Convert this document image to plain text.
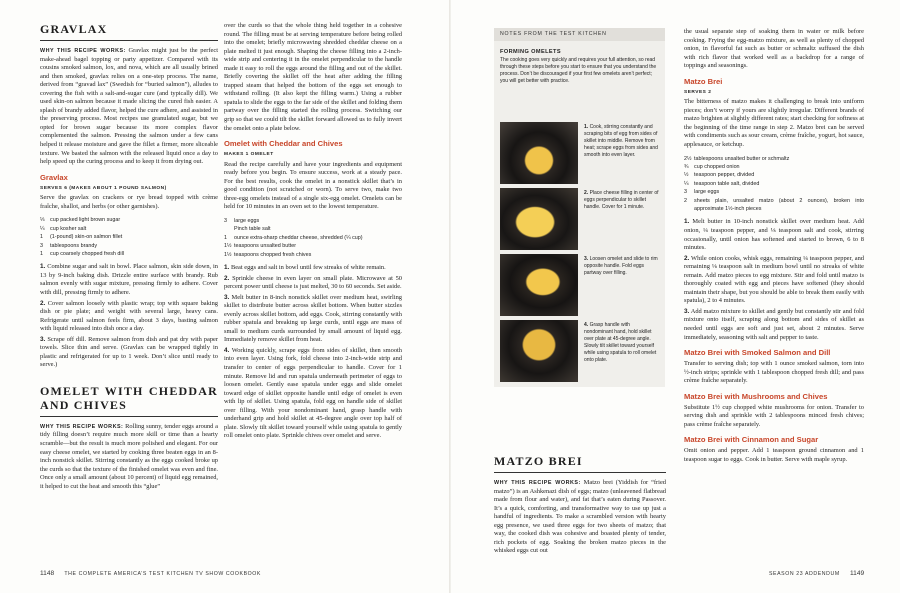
GRAVLAX

WHY THIS RECIPE WORKS: Gravlax might just be the perfect make-ahead bagel topping or party appetizer. Compared with its cousins smoked salmon, lox, and nova, which are all usually brined and then smoked, gravlax relies on a one-step process. The name, derived from “gravad lax” (Swedish for “buried salmon”), alludes to covering the fish with a salt-and-sugar cure (and typically dill). We used skin-on salmon because it made slicing the cured fish easier. A splash of brandy added flavor, helped the cure adhere, and assisted in the preserving process. Most recipes use granulated sugar, but we opted for brown sugar because its more complex flavor complemented the salmon. Pressing the salmon under a few cans helped it release moisture and gave the fillet a firmer, more sliceable texture. We basted the salmon with the released liquid once a day to help speed up the curing process and to keep it from drying out.

Gravlax
SERVES 6 (MAKES ABOUT 1 POUND SALMON)

Serve the gravlax on crackers or rye bread topped with crème fraîche, shallot, and herbs (or other garnishes).

⅓	cup packed light brown sugar
¼	cup kosher salt
1	(1-pound) skin-on salmon fillet
3	tablespoons brandy
1	cup coarsely chopped fresh dill

1. Combine sugar and salt in bowl. Place salmon, skin side down, in 13 by 9-inch baking dish. Drizzle entire surface with brandy. Rub salmon evenly with sugar mixture, pressing firmly to adhere. Cover with dill, pressing firmly to adhere.

2. Cover salmon loosely with plastic wrap; top with square baking dish or pie plate; and weight with several large, heavy cans. Refrigerate until salmon feels firm, about 3 days, basting salmon with liquid released into dish once a day.

3. Scrape off dill. Remove salmon from dish and pat dry with paper towels. Slice thin and serve. (Gravlax can be wrapped tightly in plastic and refrigerated for up to 1 week. Don’t slice until ready to serve.)

OMELET WITH CHEDDAR AND CHIVES

WHY THIS RECIPE WORKS: Rolling sunny, tender eggs around a tidy filling doesn’t require much more skill or time than a hearty scramble—but the result is much more polished and elegant. For our easy cheese omelet, we started by cooking three beaten eggs in an 8-inch nonstick skillet. Stirring constantly as the eggs cooked broke up the curds so that the texture of the finished omelet was even and fine. Once only a small amount (about 10 percent) of liquid egg remained, it helped to cut the heat and smooth this “glue”

over the curds so that the whole thing held together in a cohesive round. The filling must be at serving temperature before being rolled into the omelet; briefly microwaving shredded cheddar cheese on a plate melted it just enough. Shaping the cheese filling into a 2-inch-wide strip and centering it in the omelet perpendicular to the handle made it easy to roll the eggs around the filling and out of the skillet. Briefly covering the skillet off the heat after adding the filling trapped steam that helped the bottom of the eggs set enough to withstand rolling. (It also kept the filling warm.) Using a rubber spatula to slide the eggs to the far side of the skillet and folding them partway over the filling started the rolling process. Switching our grip so that we could tilt the skillet forward allowed us to fully invert the omelet onto a plate below.

Omelet with Cheddar and Chives
MAKES 1 OMELET

Read the recipe carefully and have your ingredients and equipment ready before you begin. To ensure success, work at a steady pace. For the best results, cook the omelet in a nonstick skillet that’s in good condition (not scratched or worn). To serve two, make two three-egg omelets instead of a single six-egg omelet. Omelets can be held for 10 minutes in an oven set to the lowest temperature.

3	large eggs
Pinch table salt
1	ounce extra-sharp cheddar cheese, shredded (¼ cup)
1½ teaspoons unsalted butter
1½ teaspoons chopped fresh chives

1. Beat eggs and salt in bowl until few streaks of white remain.

2. Sprinkle cheese in even layer on small plate. Microwave at 50 percent power until cheese is just melted, 30 to 60 seconds. Set aside.

3. Melt butter in 8-inch nonstick skillet over medium heat, swirling skillet to distribute butter across skillet bottom. When butter sizzles evenly across skillet bottom, add eggs. Cook, stirring constantly with rubber spatula and breaking up large curds, until eggs are mass of small to medium curds surrounded by small amount of liquid egg. Immediately remove skillet from heat.

4. Working quickly, scrape eggs from sides of skillet, then smooth into even layer. Using fork, fold cheese into 2-inch-wide strip and transfer to center of eggs perpendicular to handle. Cover for 1 minute. Remove lid and run spatula underneath perimeter of eggs to loosen omelet. Gently ease spatula under eggs and slide omelet toward edge of skillet opposite handle until edge of omelet is even with lip of skillet. Using spatula, fold egg on handle side of skillet over filling. With your nondominant hand, grasp handle with underhand grip and hold skillet at 45-degree angle over top half of plate. Slowly tilt skillet toward yourself while using spatula to gently roll omelet onto plate. Sprinkle chives over omelet and serve.

1148 THE COMPLETE AMERICA’S TEST KITCHEN TV SHOW COOKBOOK
NOTES FROM THE TEST KITCHEN
FORMING OMELETS
The cooking goes very quickly and requires your full attention, so read through these steps before you start to ensure that you understand the process. Don’t be discouraged if your first few omelets aren’t perfect; you will get better with practice.
1. Cook, stirring constantly and scraping bits of egg from sides of skillet into middle. Remove from heat; scrape eggs from sides and smooth into even layer.
2. Place cheese filling in center of eggs perpendicular to skillet handle. Cover for 1 minute.
3. Loosen omelet and slide to rim opposite handle. Fold eggs partway over filling.
4. Grasp handle with nondominant hand, hold skillet over plate at 45-degree angle. Slowly tilt skillet toward yourself while using spatula to roll omelet onto plate.
MATZO BREI

WHY THIS RECIPE WORKS: Matzo brei (Yiddish for “fried matzo”) is an Ashkenazi dish of eggs; matzo (unleavened flatbread made from flour and water), and fat that’s eaten during Passover. It’s a quick, comforting, and transformative way to use up just a handful of ingredients. To make a scrambled version with hearty egg presence, we used three eggs for two sheets of matzo; that way, the cooked dish was cohesive and boasted plenty of tender, rich pockets of egg. Soaking the broken matzo pieces in the whisked eggs cut out

the usual separate step of soaking them in water or milk before cooking. Frying the egg-matzo mixture, as well as plenty of chopped onion, in flavorful fat such as butter or schmaltz suffused the dish with rich flavor that worked well as a backdrop for a range of toppings and seasonings.

Matzo Brei
SERVES 2

The bitterness of matzo makes it challenging to break into uniform pieces; don’t worry if yours are slightly irregular. Different brands of matzo brighten at slightly different rates; start checking for softness at the beginning of the time range in step 2. Matzo brei can be served with condiments such as sour cream, crème fraîche, yogurt, hot sauce, applesauce, or ketchup.

2½ tablespoons unsalted butter or schmaltz
¾	cup chopped onion
½	teaspoon pepper, divided
¼	teaspoon table salt, divided
3	large eggs
2	sheets plain, unsalted matzo (about 2 ounces), broken into approximate 1½-inch pieces

1. Melt butter in 10-inch nonstick skillet over medium heat. Add onion, ¼ teaspoon pepper, and ⅛ teaspoon salt and cook, stirring occasionally, until onion has softened and started to brown, 6 to 8 minutes.

2. While onion cooks, whisk eggs, remaining ¼ teaspoon pepper, and remaining ⅛ teaspoon salt in medium bowl until no streaks of white remain. Add matzo pieces to egg mixture. Stir and fold until matzo is thoroughly coated with egg and pieces have softened (they should maintain their shape, but you should be able to break them easily with spatula), 2 to 4 minutes.

3. Add matzo mixture to skillet and gently but constantly stir and fold mixture onto itself, scraping along bottom and sides of skillet as needed until eggs are soft and just set, about 2 minutes. Serve immediately, seasoning with salt and pepper to taste.

Matzo Brei with Smoked Salmon and Dill

Transfer to serving dish; top with 1 ounce smoked salmon, torn into ½-inch strips; sprinkle with 1 tablespoon chopped fresh dill; and pass crème fraîche separately.

Matzo Brei with Mushrooms and Chives

Substitute 1½ cup chopped white mushrooms for onion. Transfer to serving dish and sprinkle with 2 tablespoons minced fresh chives; pass crème fraîche separately.

Matzo Brei with Cinnamon and Sugar

Omit onion and pepper. Add 1 teaspoon ground cinnamon and 1 teaspoon sugar to eggs. Cook in butter. Serve with maple syrup.

SEASON 23 ADDENDUM 1149
